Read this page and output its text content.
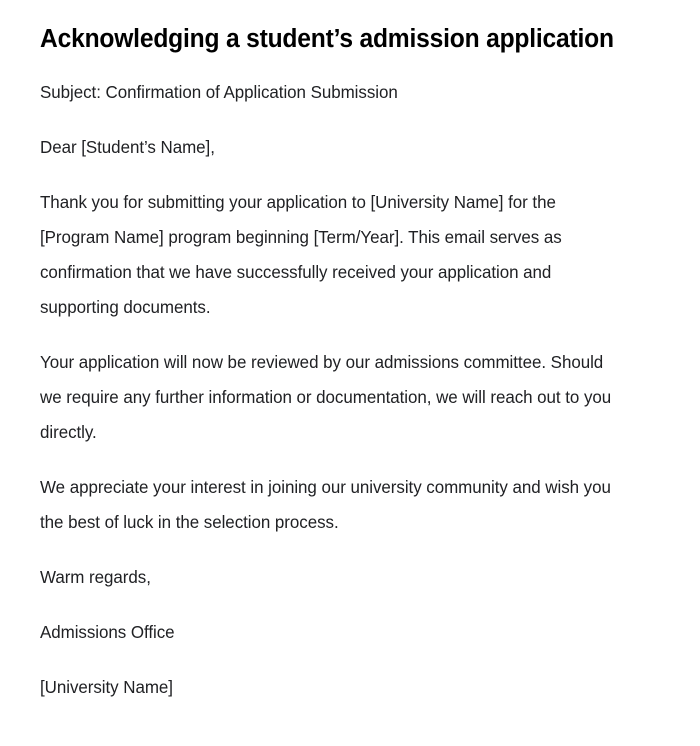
Acknowledging a student’s admission application

Subject: Confirmation of Application Submission

Dear [Student’s Name],

Thank you for submitting your application to [University Name] for the [Program Name] program beginning [Term/Year]. This email serves as confirmation that we have successfully received your application and supporting documents.

Your application will now be reviewed by our admissions committee. Should we require any further information or documentation, we will reach out to you directly.

We appreciate your interest in joining our university community and wish you the best of luck in the selection process.

Warm regards,

Admissions Office

[University Name]
